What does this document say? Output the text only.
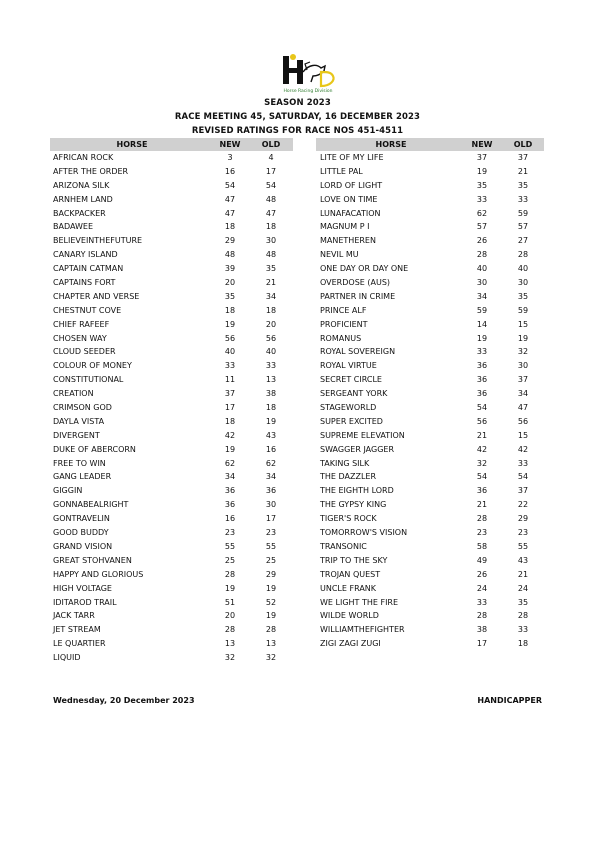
Horse Racing Division
SEASON 2023
RACE MEETING 45, SATURDAY, 16 DECEMBER 2023
REVISED RATINGS FOR RACE NOS 451-4511
HORSE	NEW	OLD
AFRICAN ROCK	3	4
AFTER THE ORDER	16	17
ARIZONA SILK	54	54
ARNHEM LAND	47	48
BACKPACKER	47	47
BADAWEE	18	18
BELIEVEINTHEFUTURE	29	30
CANARY ISLAND	48	48
CAPTAIN CATMAN	39	35
CAPTAINS FORT	20	21
CHAPTER AND VERSE	35	34
CHESTNUT COVE	18	18
CHIEF RAFEEF	19	20
CHOSEN WAY	56	56
CLOUD SEEDER	40	40
COLOUR OF MONEY	33	33
CONSTITUTIONAL	11	13
CREATION	37	38
CRIMSON GOD	17	18
DAYLA VISTA	18	19
DIVERGENT	42	43
DUKE OF ABERCORN	19	16
FREE TO WIN	62	62
GANG LEADER	34	34
GIGGIN	36	36
GONNABEALRIGHT	36	30
GONTRAVELIN	16	17
GOOD BUDDY	23	23
GRAND VISION	55	55
GREAT STOHVANEN	25	25
HAPPY AND GLORIOUS	28	29
HIGH VOLTAGE	19	19
IDITAROD TRAIL	51	52
JACK TARR	20	19
JET STREAM	28	28
LE QUARTIER	13	13
LIQUID	32	32
HORSE	NEW	OLD
LITE OF MY LIFE	37	37
LITTLE PAL	19	21
LORD OF LIGHT	35	35
LOVE ON TIME	33	33
LUNAFACATION	62	59
MAGNUM P I	57	57
MANETHEREN	26	27
NEVIL MU	28	28
ONE DAY OR DAY ONE	40	40
OVERDOSE (AUS)	30	30
PARTNER IN CRIME	34	35
PRINCE ALF	59	59
PROFICIENT	14	15
ROMANUS	19	19
ROYAL SOVEREIGN	33	32
ROYAL VIRTUE	36	30
SECRET CIRCLE	36	37
SERGEANT YORK	36	34
STAGEWORLD	54	47
SUPER EXCITED	56	56
SUPREME ELEVATION	21	15
SWAGGER JAGGER	42	42
TAKING SILK	32	33
THE DAZZLER	54	54
THE EIGHTH LORD	36	37
THE GYPSY KING	21	22
TIGER'S ROCK	28	29
TOMORROW'S VISION	23	23
TRANSONIC	58	55
TRIP TO THE SKY	49	43
TROJAN QUEST	26	21
UNCLE FRANK	24	24
WE LIGHT THE FIRE	33	35
WILDE WORLD	28	28
WILLIAMTHEFIGHTER	38	33
ZIGI ZAGI ZUGI	17	18
Wednesday, 20 December 2023	HANDICAPPER
